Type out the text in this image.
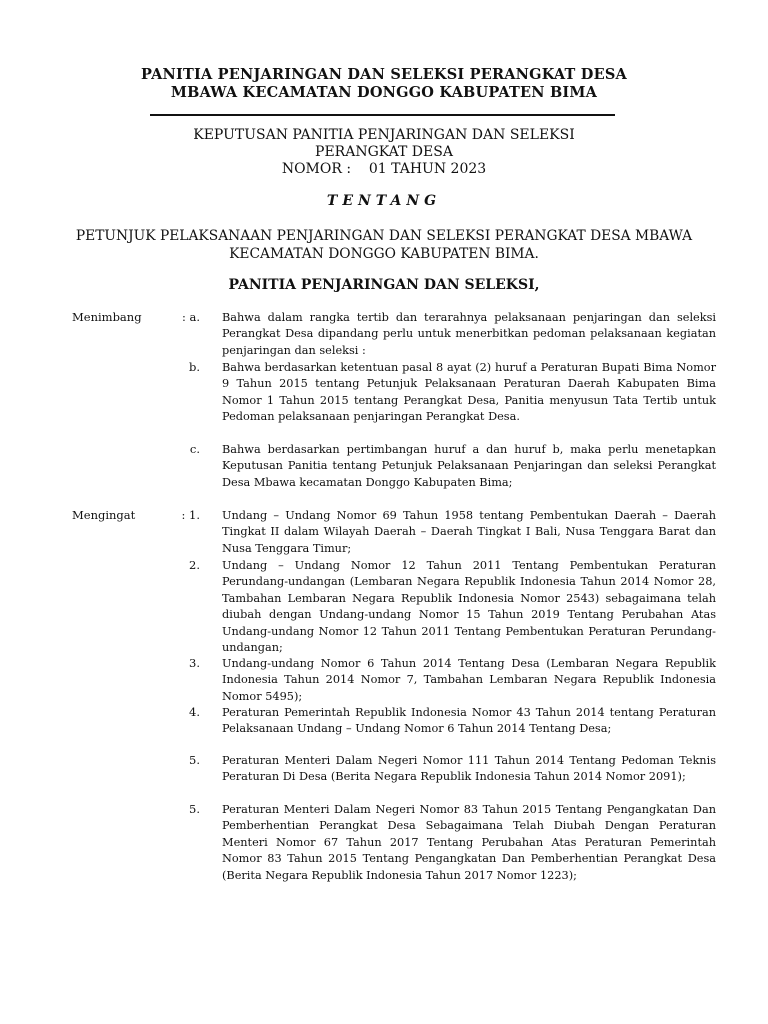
PANITIA PENJARINGAN DAN SELEKSI PERANGKAT DESA
MBAWA KECAMATAN DONGGO KABUPATEN BIMA
KEPUTUSAN PANITIA PENJARINGAN DAN SELEKSI
PERANGKAT DESA
NOMOR :    01 TAHUN 2023
TENTANG
PETUNJUK PELAKSANAAN PENJARINGAN DAN SELEKSI PERANGKAT DESA MBAWA
KECAMATAN DONGGO KABUPATEN BIMA.
PANITIA PENJARINGAN DAN SELEKSI,
Menimbang	: a. Bahwa dalam rangka tertib dan terarahnya pelaksanaan penjaringan dan seleksi Perangkat Desa dipandang perlu untuk menerbitkan pedoman pelaksanaan kegiatan penjaringan dan seleksi :
b. Bahwa berdasarkan ketentuan pasal 8 ayat (2) huruf a Peraturan Bupati Bima Nomor 9 Tahun 2015 tentang Petunjuk Pelaksanaan Peraturan Daerah Kabupaten Bima Nomor 1 Tahun 2015 tentang Perangkat Desa, Panitia menyusun Tata Tertib untuk Pedoman pelaksanaan penjaringan Perangkat Desa.
c. Bahwa berdasarkan pertimbangan huruf a dan huruf b, maka perlu menetapkan Keputusan Panitia tentang Petunjuk Pelaksanaan Penjaringan dan seleksi Perangkat Desa Mbawa kecamatan Donggo Kabupaten Bima;
Mengingat	: 1. Undang – Undang Nomor 69 Tahun 1958 tentang Pembentukan Daerah – Daerah Tingkat II dalam Wilayah Daerah – Daerah Tingkat I Bali, Nusa Tenggara Barat dan Nusa Tenggara Timur;
2. Undang – Undang Nomor 12 Tahun 2011 Tentang Pembentukan Peraturan Perundang-undangan (Lembaran Negara Republik Indonesia Tahun 2014 Nomor 28, Tambahan Lembaran Negara Republik Indonesia Nomor 2543) sebagaimana telah diubah dengan Undang-undang Nomor 15 Tahun 2019 Tentang Perubahan Atas Undang-undang Nomor 12 Tahun 2011 Tentang Pembentukan Peraturan Perundang-undangan;
3. Undang-undang Nomor 6 Tahun 2014 Tentang Desa (Lembaran Negara Republik Indonesia Tahun 2014 Nomor 7, Tambahan Lembaran Negara Republik Indonesia Nomor 5495);
4. Peraturan Pemerintah Republik Indonesia Nomor 43 Tahun 2014 tentang Peraturan Pelaksanaan Undang – Undang Nomor 6 Tahun 2014 Tentang Desa;
5. Peraturan Menteri Dalam Negeri Nomor 111 Tahun 2014 Tentang Pedoman Teknis Peraturan Di Desa (Berita Negara Republik Indonesia Tahun 2014 Nomor 2091);
5. Peraturan Menteri Dalam Negeri Nomor 83 Tahun 2015 Tentang Pengangkatan Dan Pemberhentian Perangkat Desa Sebagaimana Telah Diubah Dengan Peraturan Menteri Nomor 67 Tahun 2017 Tentang Perubahan Atas Peraturan Pemerintah Nomor 83 Tahun 2015 Tentang Pengangkatan Dan Pemberhentian Perangkat Desa (Berita Negara Republik Indonesia Tahun 2017 Nomor 1223);
